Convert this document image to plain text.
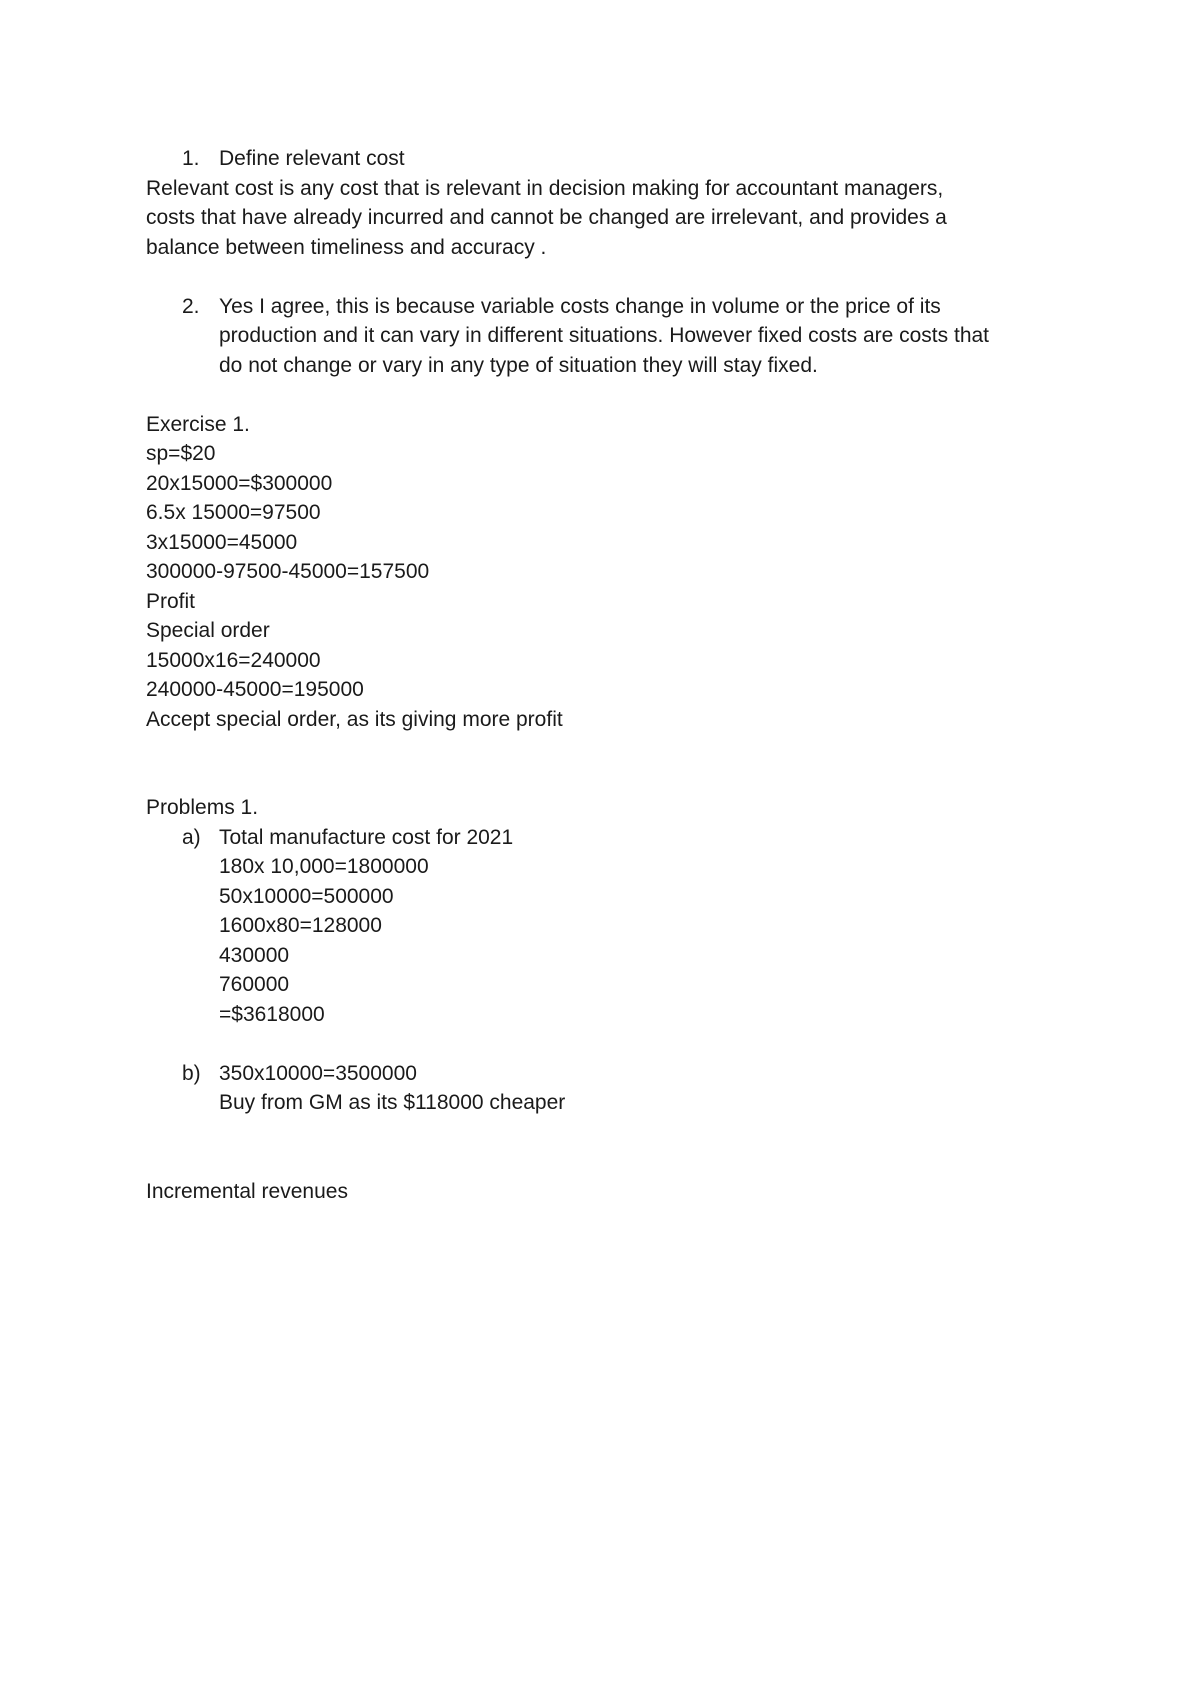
1. Define relevant cost
Relevant cost is any cost that is relevant in decision making for accountant managers, costs that have already incurred and cannot be changed are irrelevant, and provides a balance between timeliness and accuracy .
2. Yes I agree, this is because variable costs change in volume or the price of its production and it can vary in different situations. However fixed costs are costs that do not change or vary in any type of situation they will stay fixed.
Exercise 1.
sp=$20
20x15000=$300000
6.5x 15000=97500
3x15000=45000
300000-97500-45000=157500
Profit
Special order
15000x16=240000
240000-45000=195000
Accept special order, as its giving more profit
Problems 1.
a) Total manufacture cost for 2021
180x 10,000=1800000
50x10000=500000
1600x80=128000
430000
760000
=$3618000
b) 350x10000=3500000
Buy from GM as its $118000 cheaper
Incremental revenues
